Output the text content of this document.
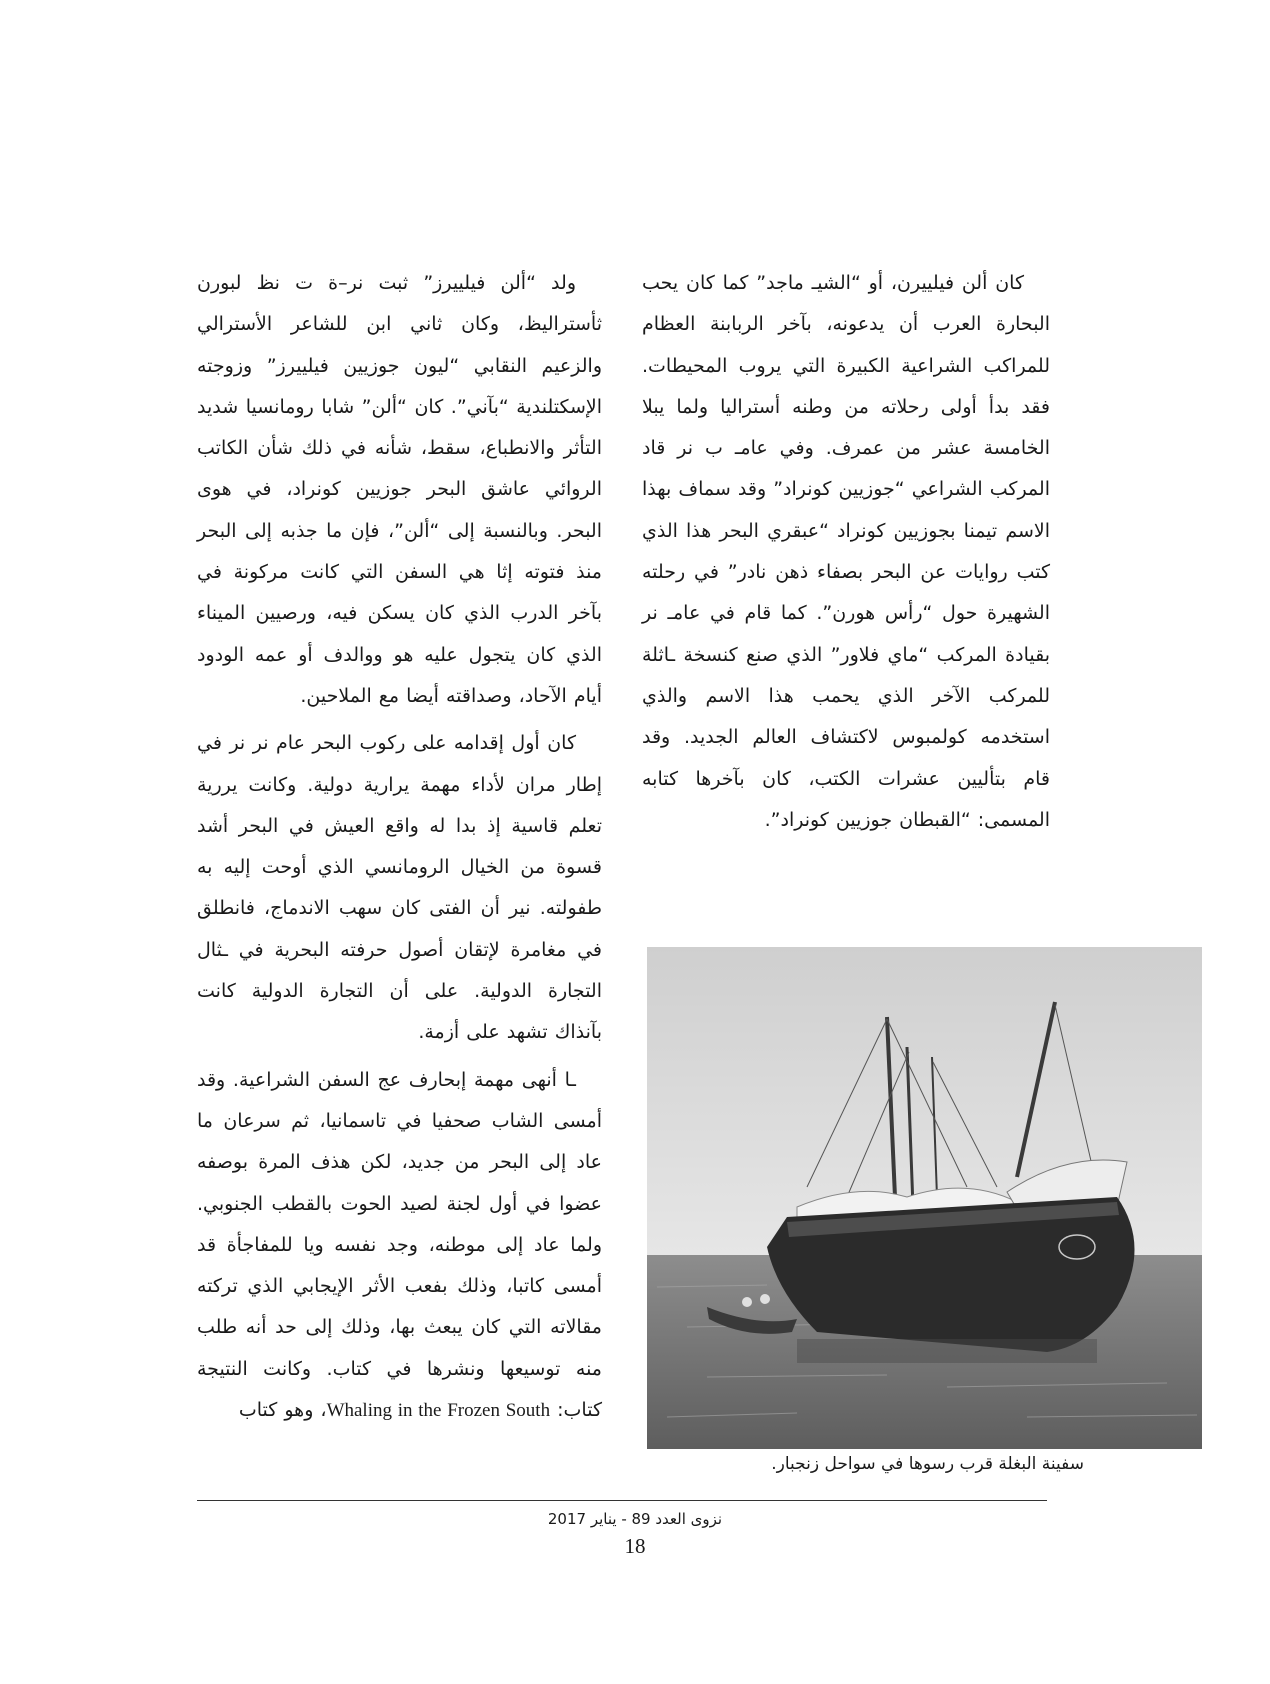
كان ألن فيلييرن، أو “الشيـ ماجد” كما كان يحب البحارة العرب أن يدعونه، بآخر الربابنة العظام للمراكب الشراعية الكبيرة التي يروب المحيطات. فقد بدأ أولى رحلاته من وطنه أستراليا ولما يبلا الخامسة عشر من عمرف. وفي عامـ ب نر قاد المركب الشراعي “جوزيين كونراد” وقد سماف بهذا الاسم تيمنا بجوزيين كونراد “عبقري البحر هذا الذي كتب روايات عن البحر بصفاء ذهن نادر” في رحلته الشهيرة حول “رأس هورن”. كما قام في عامـ نر بقيادة المركب “ماي فلاور” الذي صنع كنسخة ـاثلة للمركب الآخر الذي يحمب هذا الاسم والذي استخدمه كولمبوس لاكتشاف العالم الجديد. وقد قام بتأليين عشرات الكتب، كان بآخرها كتابه المسمى: “القبطان جوزيين كونراد”.

ولد “ألن فيلييرز” ثبت نر–ة ت نظ لبورن ثأستراليظ، وكان ثاني ابن للشاعر الأسترالي والزعيم النقابي “ليون جوزيين فيلييرز” وزوجته الإسكتلندية “بآني”. كان “ألن” شابا رومانسيا شديد التأثر والانطباع، سقط، شأنه في ذلك شأن الكاتب الروائي عاشق البحر جوزيين كونراد، في هوى البحر. وبالنسبة إلى “ألن”، فإن ما جذبه إلى البحر منذ فتوته إثا هي السفن التي كانت مركونة في بآخر الدرب الذي كان يسكن فيه، ورصيين الميناء الذي كان يتجول عليه هو ووالدف أو عمه الودود أيام الآحاد، وصداقته أيضا مع الملاحين.

كان أول إقدامه على ركوب البحر عام نر نر في إطار مران لأداء مهمة يرارية دولية. وكانت يررية تعلم قاسية إذ بدا له واقع العيش في البحر أشد قسوة من الخيال الرومانسي الذي أوحت إليه به طفولته. نير أن الفتى كان سهب الاندماج، فانطلق في مغامرة لإتقان أصول حرفته البحرية في ـثال التجارة الدولية. على أن التجارة الدولية كانت بآنذاك تشهد على أزمة.

ـا أنهى مهمة إبحارف عج السفن الشراعية. وقد أمسى الشاب صحفيا في تاسمانيا، ثم سرعان ما عاد إلى البحر من جديد، لكن هذف المرة بوصفه عضوا في أول لجنة لصيد الحوت بالقطب الجنوبي. ولما عاد إلى موطنه، وجد نفسه ويا للمفاجأة قد أمسى كاتبا، وذلك بفعب الأثر الإيجابي الذي تركته مقالاته التي كان يبعث بها، وذلك إلى حد أنه طلب منه توسيعها ونشرها في كتاب. وكانت النتيجة كتاب: Whaling in the Frozen South، وهو كتاب

سفينة البغلة قرب رسوها في سواحل زنجبار.
نزوى العدد 89 - يناير 2017
18
